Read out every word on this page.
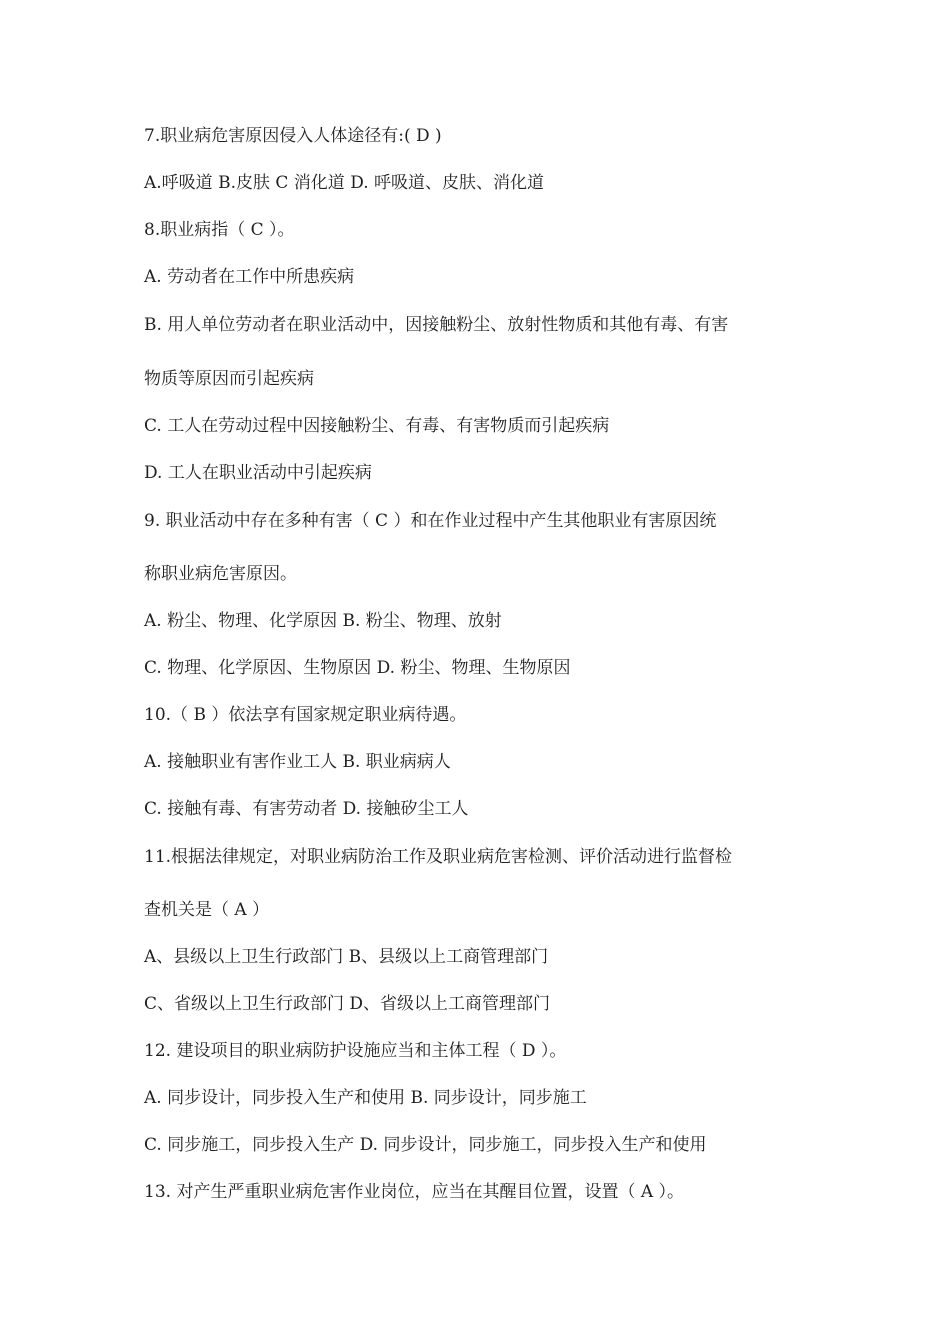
7.职业病危害原因侵入人体途径有:( D )

A.呼吸道 B.皮肤 C 消化道 D. 呼吸道、皮肤、消化道

8.职业病指（ C ）。

A. 劳动者在工作中所患疾病

B. 用人单位劳动者在职业活动中，因接触粉尘、放射性物质和其他有毒、有害

物质等原因而引起疾病

C. 工人在劳动过程中因接触粉尘、有毒、有害物质而引起疾病

D. 工人在职业活动中引起疾病

9. 职业活动中存在多种有害（ C ）和在作业过程中产生其他职业有害原因统

称职业病危害原因。

A. 粉尘、物理、化学原因 B. 粉尘、物理、放射

C. 物理、化学原因、生物原因 D. 粉尘、物理、生物原因

10.（ B ）依法享有国家规定职业病待遇。

A. 接触职业有害作业工人 B. 职业病病人

C. 接触有毒、有害劳动者 D. 接触矽尘工人

11.根据法律规定，对职业病防治工作及职业病危害检测、评价活动进行监督检

查机关是（ A ）

A、县级以上卫生行政部门 B、县级以上工商管理部门

C、省级以上卫生行政部门 D、省级以上工商管理部门

12. 建设项目的职业病防护设施应当和主体工程（ D ）。

A. 同步设计，同步投入生产和使用 B. 同步设计，同步施工

C. 同步施工，同步投入生产 D. 同步设计，同步施工，同步投入生产和使用

13. 对产生严重职业病危害作业岗位，应当在其醒目位置，设置（ A ）。
